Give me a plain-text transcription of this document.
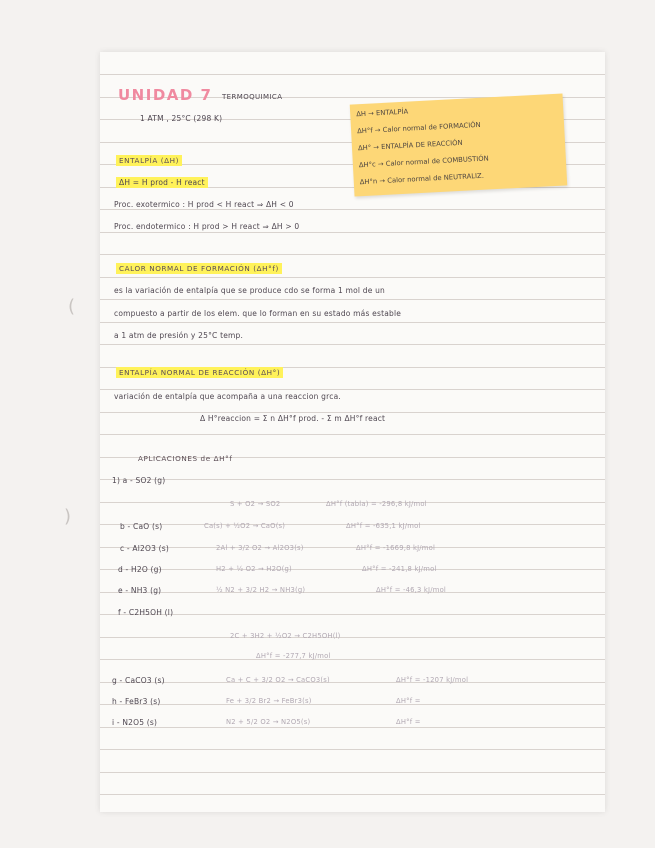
UNIDAD 7 TERMOQUIMICA
1 ATM , 25°C (298 K)
ΔH → ENTALPÍA
ΔH°f → Calor normal de FORMACIÓN
ΔH° → ENTALPÍA DE REACCIÓN
ΔH°c → Calor normal de COMBUSTIÓN
ΔH°n → Calor normal de NEUTRALIZ.
ENTALPÍA (ΔH)
ΔH = H prod - H react
Proc. exotermico : H prod < H react ⇒ ΔH < 0
Proc. endotermico : H prod > H react ⇒ ΔH > 0
CALOR NORMAL DE FORMACIÓN (ΔH°f)
es la variación de entalpía que se produce cdo se forma 1 mol de un
compuesto a partir de los elem. que lo forman en su estado más estable
a 1 atm de presión y 25°C temp.
ENTALPÍA NORMAL DE REACCIÓN (ΔH°)
variación de entalpía que acompaña a una reaccion grca.
Δ H°reaccion = Σ n ΔH°f prod. - Σ m ΔH°f react
APLICACIONES de ΔH°f
1) a - SO2 (g)
S + O2 → SO2	ΔH°f (tabla) = -296,8 kJ/mol
b - CaO (s)	Ca(s) + ½O2 → CaO(s)	ΔH°f = -635,1 kJ/mol
c - Al2O3 (s)	2Al + 3/2 O2 → Al2O3(s)	ΔH°f = -1669,8 kJ/mol
d - H2O (g)	H2 + ½ O2 → H2O(g)	ΔH°f = -241,8 kJ/mol
e - NH3 (g)	½ N2 + 3/2 H2 → NH3(g)	ΔH°f = -46,3 kJ/mol
f - C2H5OH (l)
2C + 3H2 + ½O2 → C2H5OH(l)
ΔH°f = -277,7 kJ/mol
g - CaCO3 (s)	Ca + C + 3/2 O2 → CaCO3(s)	ΔH°f = -1207 kJ/mol
h - FeBr3 (s)	Fe + 3/2 Br2 → FeBr3(s)	ΔH°f =
i - N2O5 (s)	N2 + 5/2 O2 → N2O5(s)	ΔH°f =
(
)
